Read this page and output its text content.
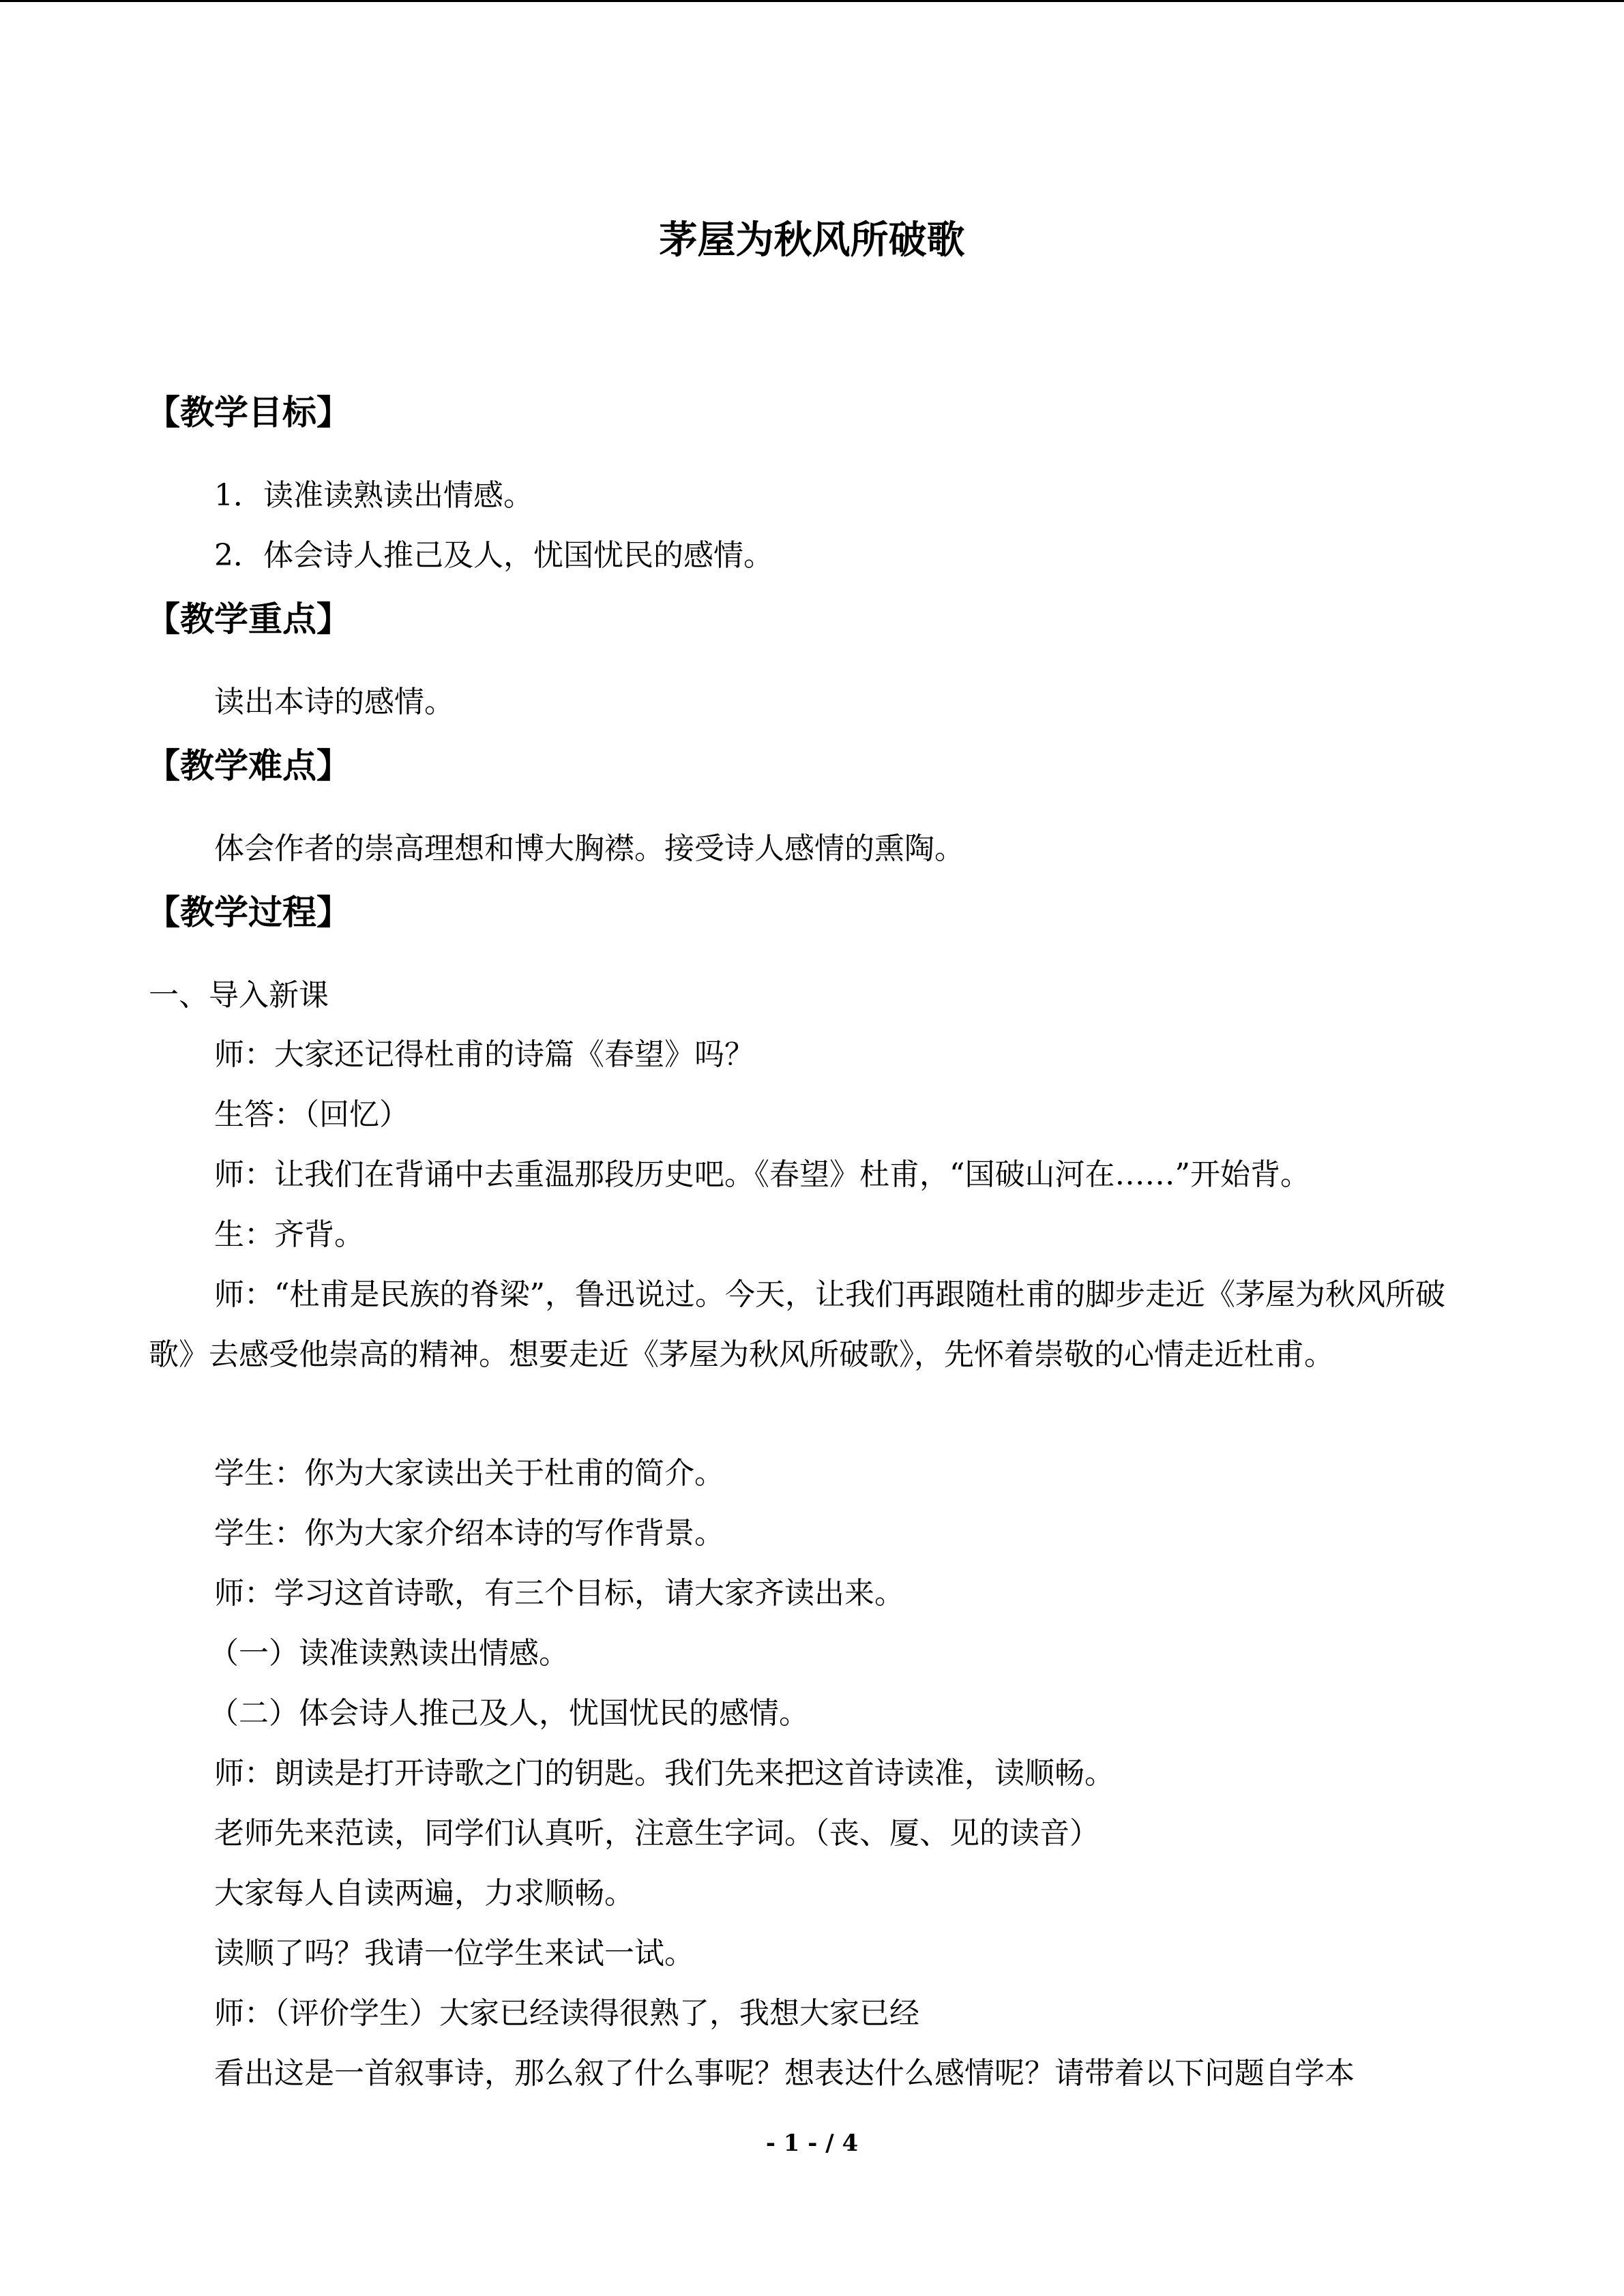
茅屋为秋风所破歌
【教学目标】
1．读准读熟读出情感。
2．体会诗人推己及人，忧国忧民的感情。
【教学重点】
读出本诗的感情。
【教学难点】
体会作者的崇高理想和博大胸襟。接受诗人感情的熏陶。
【教学过程】
一、导入新课
师：大家还记得杜甫的诗篇《春望》吗？
生答：（回忆）
师：让我们在背诵中去重温那段历史吧。《春望》杜甫，“国破山河在……”开始背。
生：齐背。
师：“杜甫是民族的脊梁”，鲁迅说过。今天，让我们再跟随杜甫的脚步走近《茅屋为秋风所破歌》去感受他崇高的精神。想要走近《茅屋为秋风所破歌》，先怀着崇敬的心情走近杜甫。
学生：你为大家读出关于杜甫的简介。
学生：你为大家介绍本诗的写作背景。
师：学习这首诗歌，有三个目标，请大家齐读出来。
（一）读准读熟读出情感。
（二）体会诗人推己及人，忧国忧民的感情。
师：朗读是打开诗歌之门的钥匙。我们先来把这首诗读准，读顺畅。
老师先来范读，同学们认真听，注意生字词。（丧、厦、见的读音）
大家每人自读两遍，力求顺畅。
读顺了吗？我请一位学生来试一试。
师：（评价学生）大家已经读得很熟了，我想大家已经
看出这是一首叙事诗，那么叙了什么事呢？想表达什么感情呢？请带着以下问题自学本
- 1 - / 4
